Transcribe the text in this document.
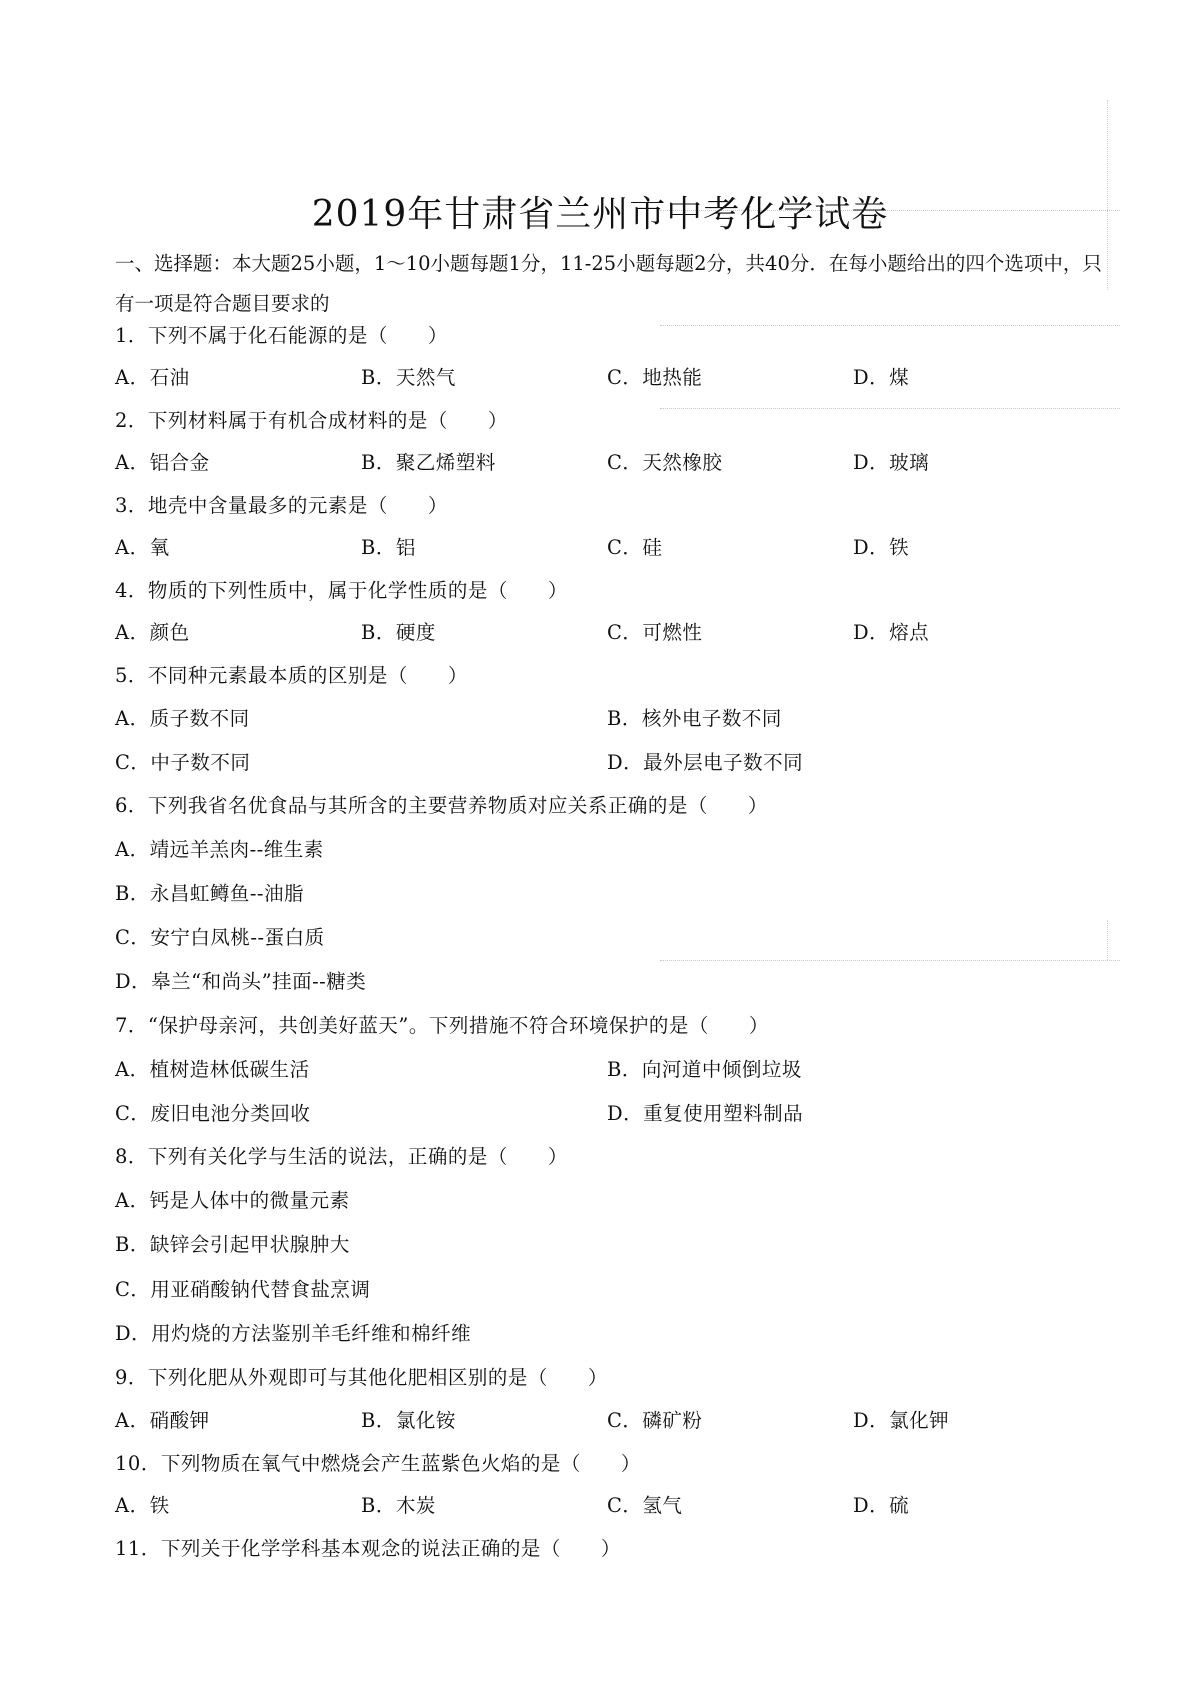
2019年甘肃省兰州市中考化学试卷

一、选择题：本大题25小题，1～10小题每题1分，11-25小题每题2分，共40分．在每小题给出的四个选项中，只有一项是符合题目要求的

1．下列不属于化石能源的是（　　）
A．石油	B．天然气	C．地热能	D．煤
2．下列材料属于有机合成材料的是（　　）
A．铝合金	B．聚乙烯塑料	C．天然橡胶	D．玻璃
3．地壳中含量最多的元素是（　　）
A．氧	B．铝	C．硅	D．铁
4．物质的下列性质中，属于化学性质的是（　　）
A．颜色	B．硬度	C．可燃性	D．熔点
5．不同种元素最本质的区别是（　　）
A．质子数不同	B．核外电子数不同
C．中子数不同	D．最外层电子数不同
6．下列我省名优食品与其所含的主要营养物质对应关系正确的是（　　）
A．靖远羊羔肉--维生素
B．永昌虹鳟鱼--油脂
C．安宁白凤桃--蛋白质
D．皋兰“和尚头”挂面--糖类
7．“保护母亲河，共创美好蓝天”。下列措施不符合环境保护的是（　　）
A．植树造林低碳生活	B．向河道中倾倒垃圾
C．废旧电池分类回收	D．重复使用塑料制品
8．下列有关化学与生活的说法，正确的是（　　）
A．钙是人体中的微量元素
B．缺锌会引起甲状腺肿大
C．用亚硝酸钠代替食盐烹调
D．用灼烧的方法鉴别羊毛纤维和棉纤维
9．下列化肥从外观即可与其他化肥相区别的是（　　）
A．硝酸钾	B．氯化铵	C．磷矿粉	D．氯化钾
10．下列物质在氧气中燃烧会产生蓝紫色火焰的是（　　）
A．铁	B．木炭	C．氢气	D．硫
11．下列关于化学学科基本观念的说法正确的是（　　）
